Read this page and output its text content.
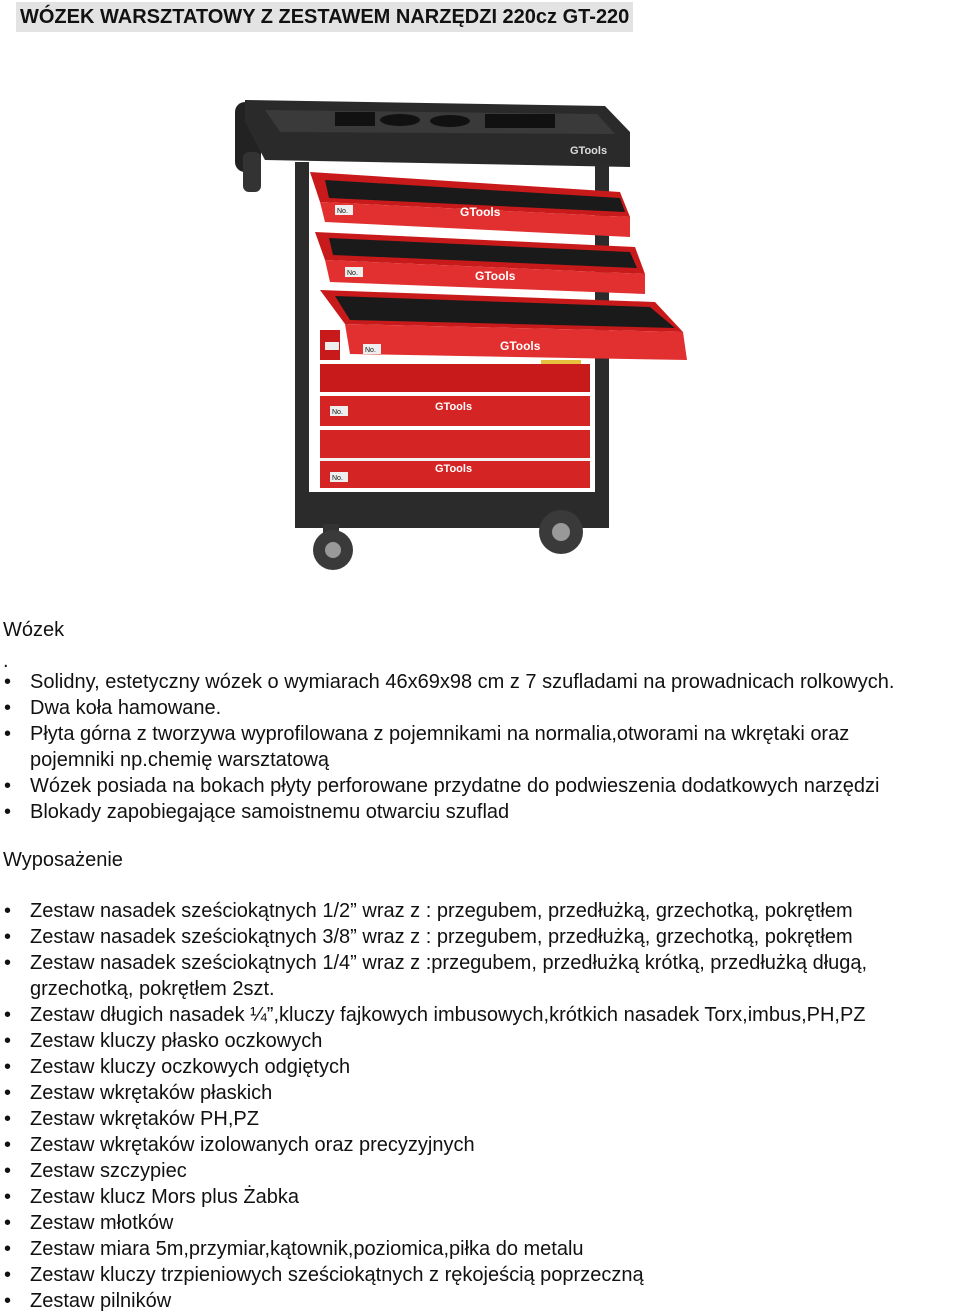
WÓZEK WARSZTATOWY Z ZESTAWEM NARZĘDZI 220cz GT-220
GTools
No.	GTools
No.	GTools
No.	GTools
No.	GTools
No.
GTools

Wózek

.
• Solidny, estetyczny wózek o wymiarach 46x69x98 cm z 7 szufladami na prowadnicach rolkowych.
• Dwa koła hamowane.
• Płyta górna z tworzywa wyprofilowana z pojemnikami na normalia,otworami na wkrętaki oraz pojemniki np.chemię warsztatową
• Wózek posiada na bokach płyty perforowane przydatne do podwieszenia dodatkowych narzędzi
• Blokady zapobiegające samoistnemu otwarciu szuflad

Wyposażenie

• Zestaw nasadek sześciokątnych 1/2” wraz z : przegubem, przedłużką, grzechotką, pokrętłem
• Zestaw nasadek sześciokątnych 3/8” wraz z : przegubem, przedłużką, grzechotką, pokrętłem
• Zestaw nasadek sześciokątnych 1/4” wraz z :przegubem, przedłużką krótką, przedłużką długą, grzechotką, pokrętłem 2szt.
• Zestaw długich nasadek ¼”,kluczy fajkowych imbusowych,krótkich nasadek Torx,imbus,PH,PZ
• Zestaw kluczy płasko oczkowych
• Zestaw kluczy oczkowych odgiętych
• Zestaw wkrętaków płaskich
• Zestaw wkrętaków PH,PZ
• Zestaw wkrętaków izolowanych oraz precyzyjnych
• Zestaw szczypiec
• Zestaw klucz Mors plus Żabka
• Zestaw młotków
• Zestaw miara 5m,przymiar,kątownik,poziomica,piłka do metalu
• Zestaw kluczy trzpieniowych sześciokątnych z rękojeścią poprzeczną
• Zestaw pilników
